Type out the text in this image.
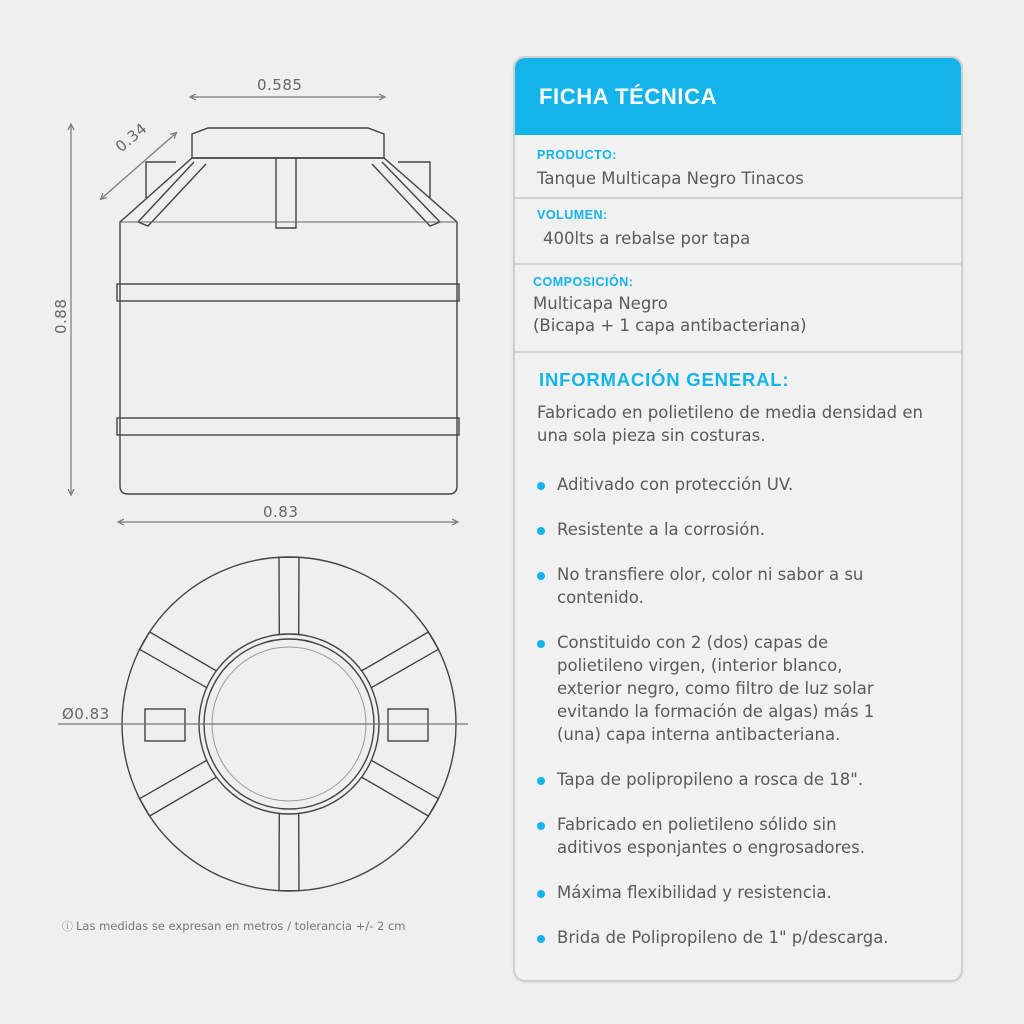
0.585
0.34
0.88
0.83
Ø0.83
ⓘ Las medidas se expresan en metros / tolerancia +/- 2 cm
FICHA TÉCNICA
PRODUCTO:
Tanque Multicapa Negro Tinacos
VOLUMEN:
400lts a rebalse por tapa
COMPOSICIÓN:
Multicapa Negro
(Bicapa + 1 capa antibacteriana)
INFORMACIÓN GENERAL:
Fabricado en polietileno de media densidad en una sola pieza sin costuras.
Aditivado con protección UV.
Resistente a la corrosión.
No transfiere olor, color ni sabor a su
contenido.
Constituido con 2 (dos) capas de
polietileno virgen, (interior blanco,
exterior negro, como filtro de luz solar
evitando la formación de algas) más 1
(una) capa interna antibacteriana.
Tapa de polipropileno a rosca de 18".
Fabricado en polietileno sólido sin
aditivos esponjantes o engrosadores.
Máxima flexibilidad y resistencia.
Brida de Polipropileno de 1" p/descarga.
